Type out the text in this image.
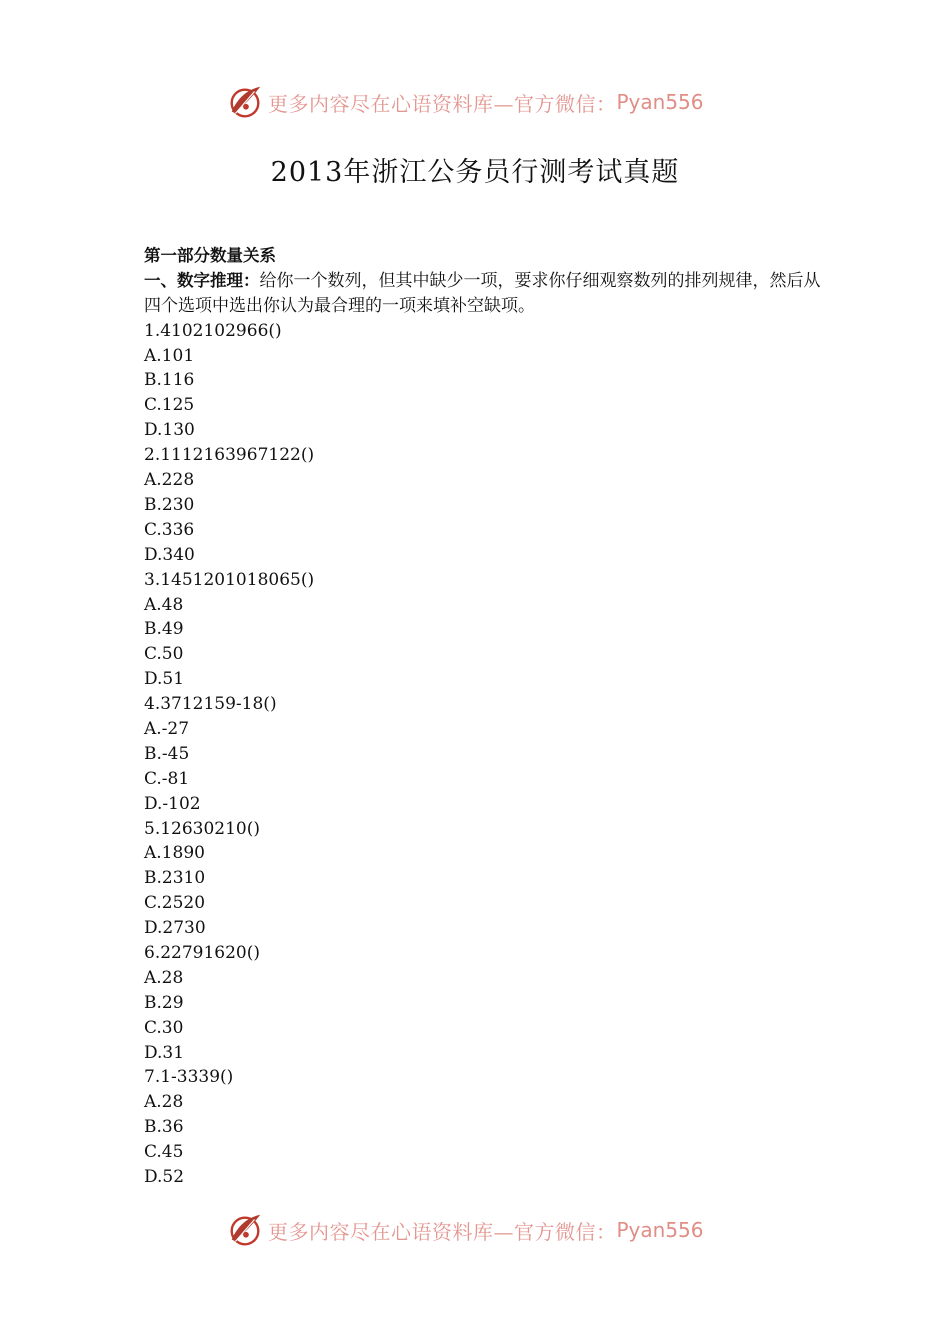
更多内容尽在心语资料库—官方微信： Pyan556
2013年浙江公务员行测考试真题
第一部分数量关系
一、数字推理：给你一个数列，但其中缺少一项，要求你仔细观察数列的排列规律，然后从四个选项中选出你认为最合理的一项来填补空缺项。
1.4102102966()
A.101
B.116
C.125
D.130
2.1112163967122()
A.228
B.230
C.336
D.340
3.1451201018065()
A.48
B.49
C.50
D.51
4.3712159-18()
A.-27
B.-45
C.-81
D.-102
5.12630210()
A.1890
B.2310
C.2520
D.2730
6.22791620()
A.28
B.29
C.30
D.31
7.1-3339()
A.28
B.36
C.45
D.52
更多内容尽在心语资料库—官方微信： Pyan556
